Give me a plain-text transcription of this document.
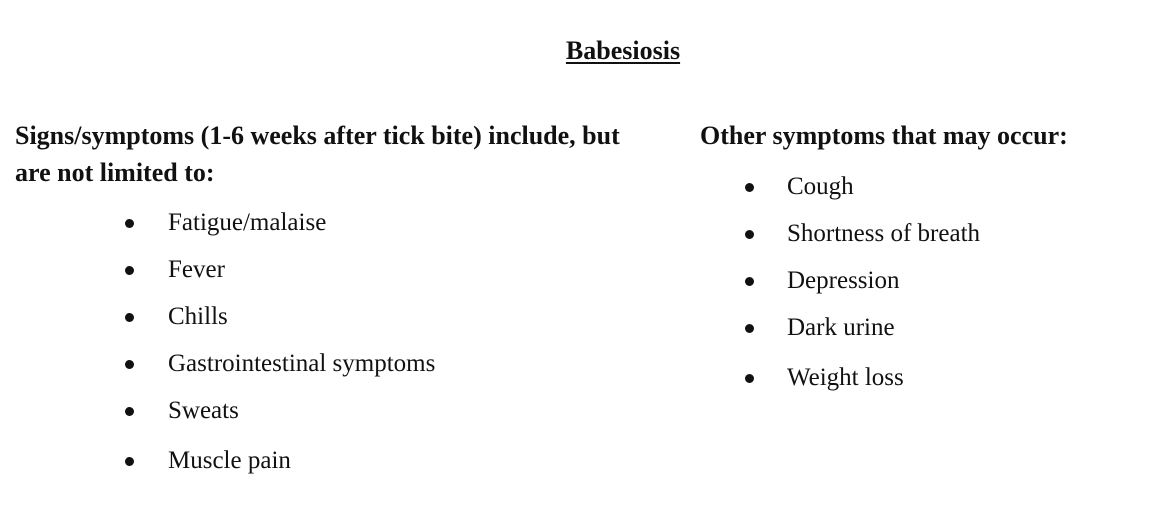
Babesiosis

Signs/symptoms (1-6 weeks after tick bite) include, but are not limited to:

Other symptoms that may occur:

Fatigue/malaise
Fever
Chills
Gastrointestinal symptoms
Sweats
Muscle pain
Cough
Shortness of breath
Depression
Dark urine
Weight loss
